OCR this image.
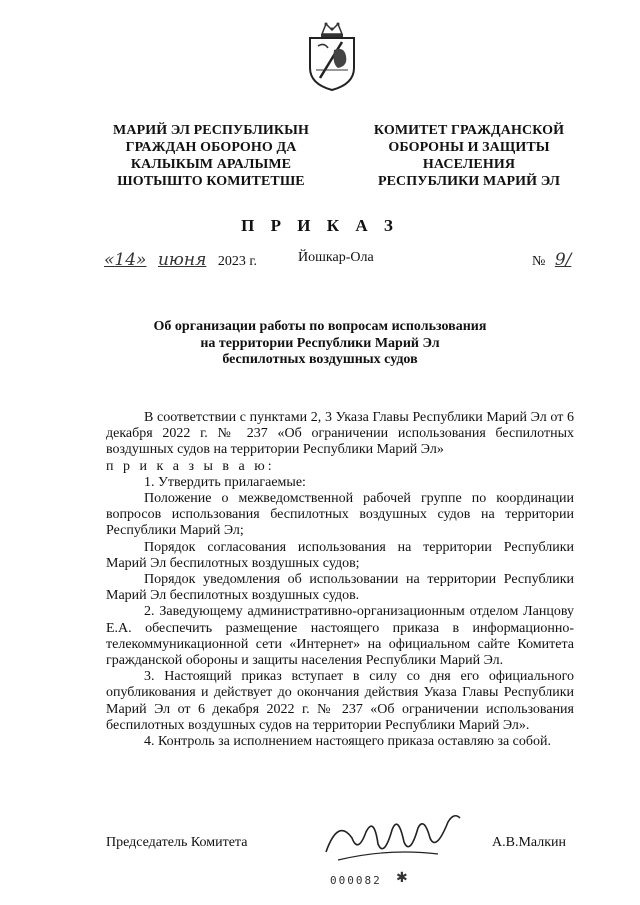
МАРИЙ ЭЛ РЕСПУБЛИКЫН
ГРАЖДАН ОБОРОНО ДА
КАЛЫКЫМ АРАЛЫМЕ
ШОТЫШТО КОМИТЕТШЕ
КОМИТЕТ ГРАЖДАНСКОЙ
ОБОРОНЫ И ЗАЩИТЫ
НАСЕЛЕНИЯ
РЕСПУБЛИКИ МАРИЙ ЭЛ
П Р И К А З
«14» июня 2023 г.	Йошкар-Ола	№ 9/
Об организации работы по вопросам использования
на территории Республики Марий Эл
беспилотных воздушных судов

В соответствии с пунктами 2, 3 Указа Главы Республики Марий Эл от 6 декабря 2022 г. № 237 «Об ограничении использования беспилотных воздушных судов на территории Республики Марий Эл»

п р и к а з ы в а ю:

1. Утвердить прилагаемые:

Положение о межведомственной рабочей группе по координации вопросов использования беспилотных воздушных судов на территории Республики Марий Эл;

Порядок согласования использования на территории Республики Марий Эл беспилотных воздушных судов;

Порядок уведомления об использовании на территории Республики Марий Эл беспилотных воздушных судов.

2. Заведующему административно-организационным отделом Ланцову Е.А. обеспечить размещение настоящего приказа в информационно-телекоммуникационной сети «Интернет» на официальном сайте Комитета гражданской обороны и защиты населения Республики Марий Эл.

3. Настоящий приказ вступает в силу со дня его официального опубликования и действует до окончания действия Указа Главы Республики Марий Эл от 6 декабря 2022 г. № 237 «Об ограничении использования беспилотных воздушных судов на территории Республики Марий Эл».

4. Контроль за исполнением настоящего приказа оставляю за собой.

Председатель Комитета	А.В.Малкин
000082 ✱
